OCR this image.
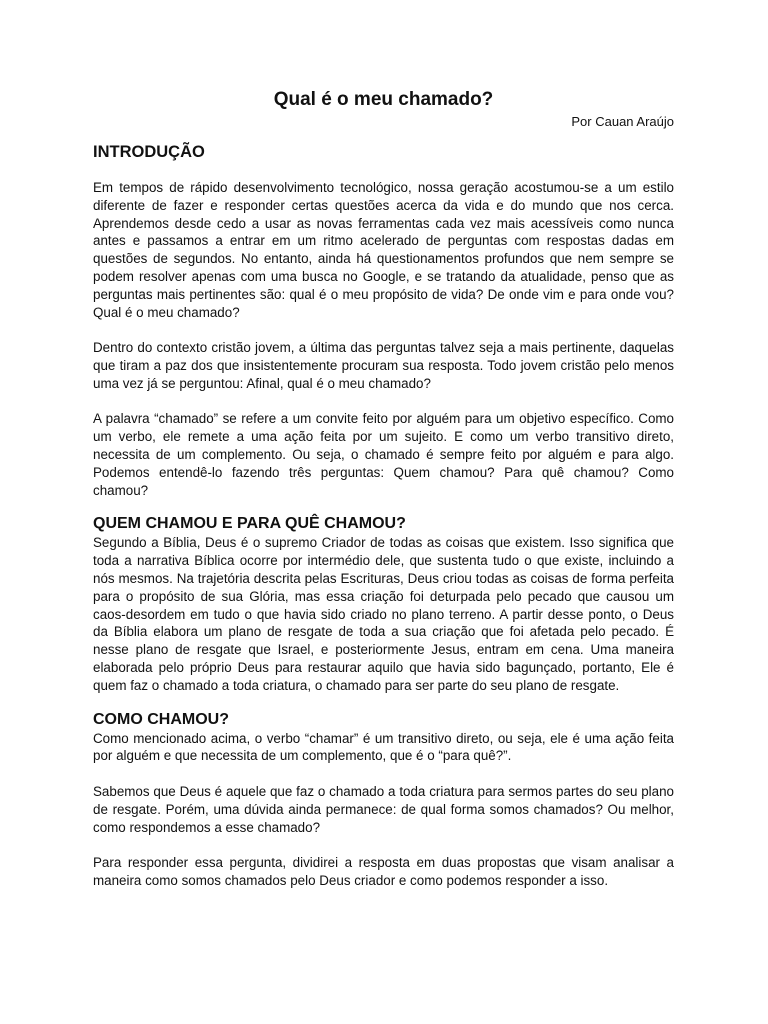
Qual é o meu chamado?

Por Cauan Araújo

INTRODUÇÃO

Em tempos de rápido desenvolvimento tecnológico, nossa geração acostumou-se a um estilo diferente de fazer e responder certas questões acerca da vida e do mundo que nos cerca. Aprendemos desde cedo a usar as novas ferramentas cada vez mais acessíveis como nunca antes e passamos a entrar em um ritmo acelerado de perguntas com respostas dadas em questões de segundos. No entanto, ainda há questionamentos profundos que nem sempre se podem resolver apenas com uma busca no Google, e se tratando da atualidade, penso que as perguntas mais pertinentes são: qual é o meu propósito de vida? De onde vim e para onde vou? Qual é o meu chamado?

Dentro do contexto cristão jovem, a última das perguntas talvez seja a mais pertinente, daquelas que tiram a paz dos que insistentemente procuram sua resposta. Todo jovem cristão pelo menos uma vez já se perguntou: Afinal, qual é o meu chamado?

A palavra “chamado” se refere a um convite feito por alguém para um objetivo específico. Como um verbo, ele remete a uma ação feita por um sujeito. E como um verbo transitivo direto, necessita de um complemento. Ou seja, o chamado é sempre feito por alguém e para algo. Podemos entendê-lo fazendo três perguntas: Quem chamou? Para quê chamou? Como chamou?

QUEM CHAMOU E PARA QUÊ CHAMOU?

Segundo a Bíblia, Deus é o supremo Criador de todas as coisas que existem. Isso significa que toda a narrativa Bíblica ocorre por intermédio dele, que sustenta tudo o que existe, incluindo a nós mesmos. Na trajetória descrita pelas Escrituras, Deus criou todas as coisas de forma perfeita para o propósito de sua Glória, mas essa criação foi deturpada pelo pecado que causou um caos-desordem em tudo o que havia sido criado no plano terreno. A partir desse ponto, o Deus da Bíblia elabora um plano de resgate de toda a sua criação que foi afetada pelo pecado. É nesse plano de resgate que Israel, e posteriormente Jesus, entram em cena. Uma maneira elaborada pelo próprio Deus para restaurar aquilo que havia sido bagunçado, portanto, Ele é quem faz o chamado a toda criatura, o chamado para ser parte do seu plano de resgate.

COMO CHAMOU?

Como mencionado acima, o verbo “chamar” é um transitivo direto, ou seja, ele é uma ação feita por alguém e que necessita de um complemento, que é o “para quê?”.

Sabemos que Deus é aquele que faz o chamado a toda criatura para sermos partes do seu plano de resgate. Porém, uma dúvida ainda permanece: de qual forma somos chamados? Ou melhor, como respondemos a esse chamado?

Para responder essa pergunta, dividirei a resposta em duas propostas que visam analisar a maneira como somos chamados pelo Deus criador e como podemos responder a isso.
